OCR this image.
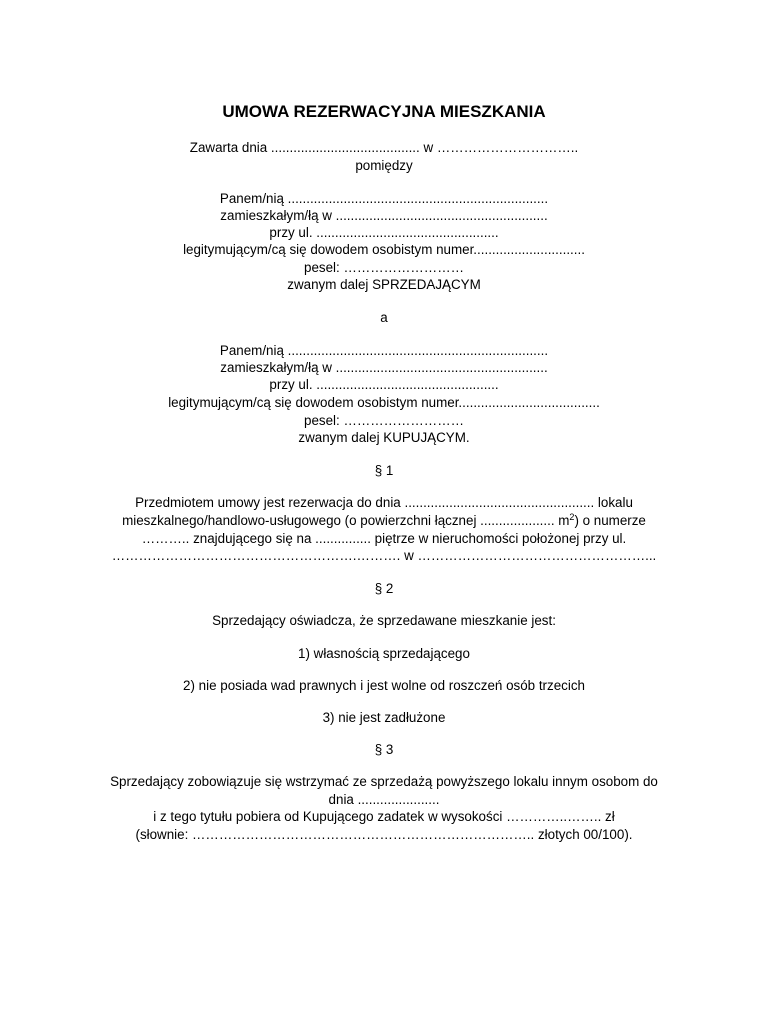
UMOWA REZERWACYJNA MIESZKANIA
Zawarta dnia ........................................ w …………………………..
pomiędzy
Panem/nią ......................................................................
zamieszkałym/łą w .........................................................
przy ul. .................................................
legitymującym/cą się dowodem osobistym numer..............................
pesel: ………………………
zwanym dalej SPRZEDAJĄCYM
a
Panem/nią ......................................................................
zamieszkałym/łą w .........................................................
przy ul. .................................................
legitymującym/cą się dowodem osobistym numer......................................
pesel: ………………………
zwanym dalej KUPUJĄCYM.
§ 1
Przedmiotem umowy jest rezerwacja do dnia ................................................... lokalu
mieszkalnego/handlowo-usługowego (o powierzchni łącznej .................... $m^2$) o numerze
……….. znajdującego się na ............... piętrze w nieruchomości położonej przy ul.
……………………………………………….………. w ……………………………………………...
§ 2
Sprzedający oświadcza, że sprzedawane mieszkanie jest:
1) własnością sprzedającego
2) nie posiada wad prawnych i jest wolne od roszczeń osób trzecich
3) nie jest zadłużone
§ 3
Sprzedający zobowiązuje się wstrzymać ze sprzedażą powyższego lokalu innym osobom do
dnia ......................
i z tego tytułu pobiera od Kupującego zadatek w wysokości …………..…….. zł
(słownie: ………………………………………………………………….. złotych 00/100).
